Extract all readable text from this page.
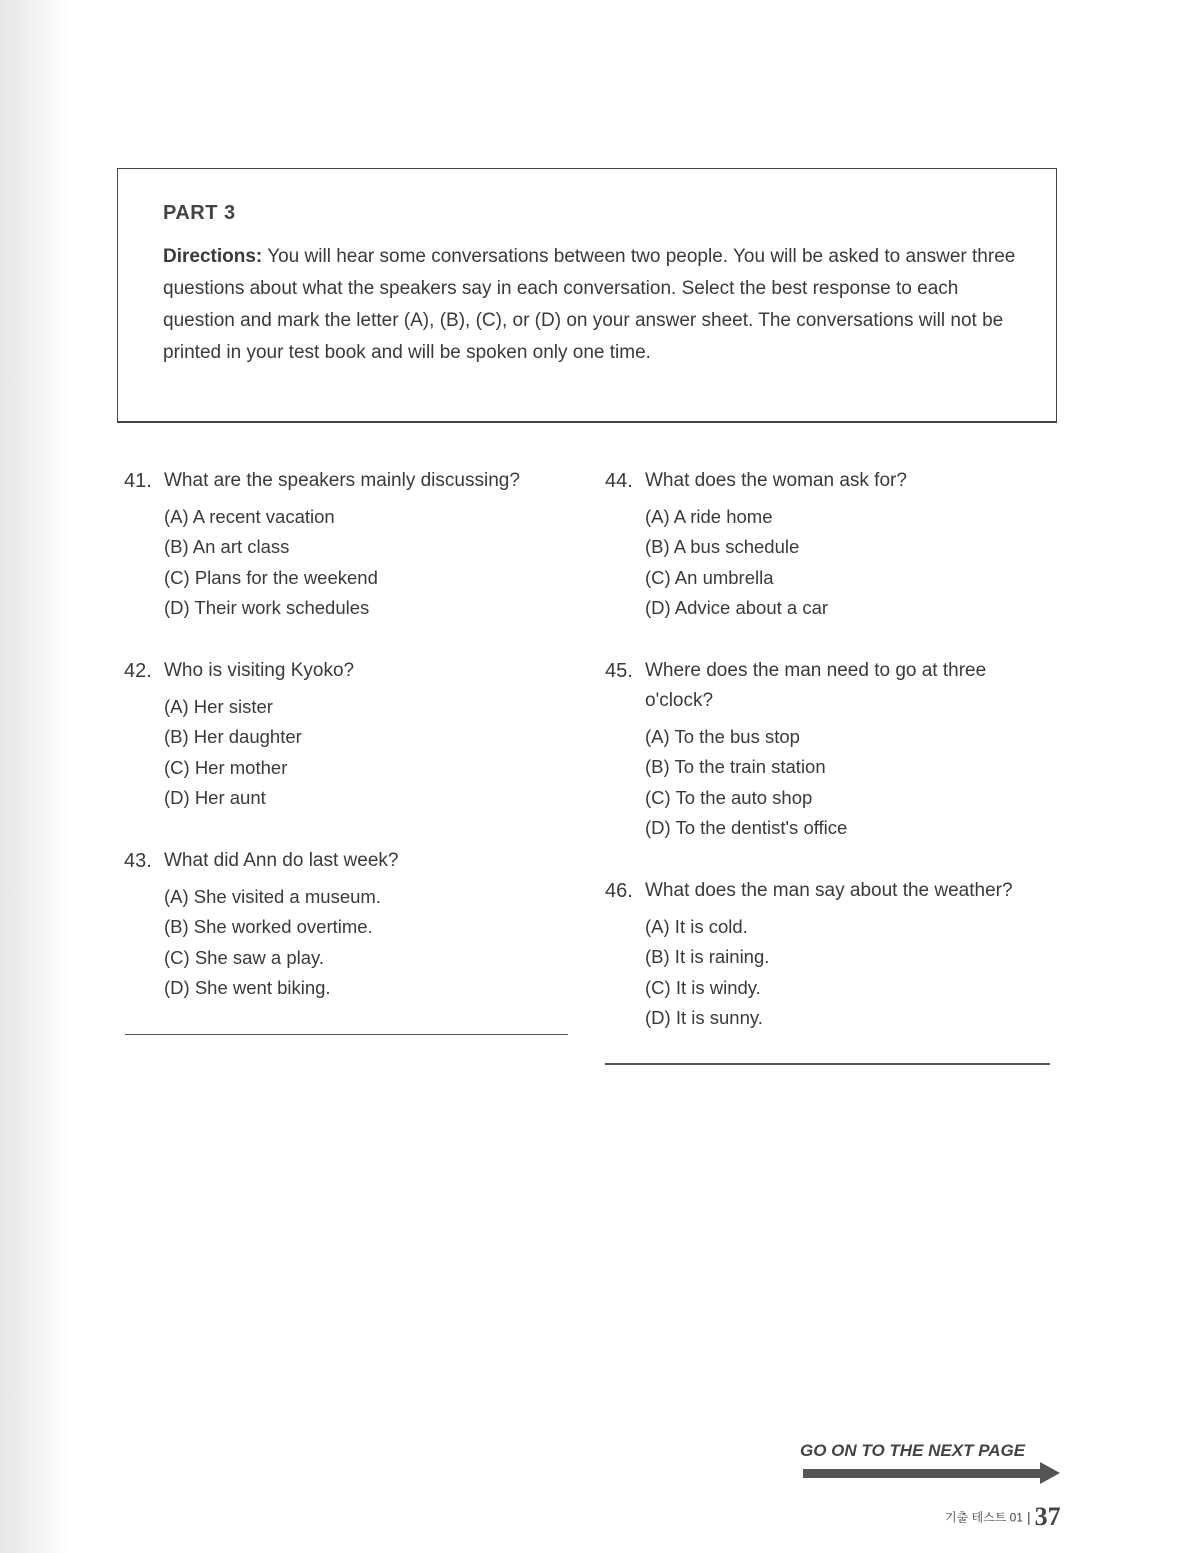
PART 3

Directions: You will hear some conversations between two people. You will be asked to answer three questions about what the speakers say in each conversation. Select the best response to each question and mark the letter (A), (B), (C), or (D) on your answer sheet. The conversations will not be printed in your test book and will be spoken only one time.

41. What are the speakers mainly discussing?
(A) A recent vacation
(B) An art class
(C) Plans for the weekend
(D) Their work schedules
42. Who is visiting Kyoko?
(A) Her sister
(B) Her daughter
(C) Her mother
(D) Her aunt
43. What did Ann do last week?
(A) She visited a museum.
(B) She worked overtime.
(C) She saw a play.
(D) She went biking.
44. What does the woman ask for?
(A) A ride home
(B) A bus schedule
(C) An umbrella
(D) Advice about a car
45. Where does the man need to go at three o'clock?
(A) To the bus stop
(B) To the train station
(C) To the auto shop
(D) To the dentist's office
46. What does the man say about the weather?
(A) It is cold.
(B) It is raining.
(C) It is windy.
(D) It is sunny.
GO ON TO THE NEXT PAGE
기출 테스트 01 | 37
